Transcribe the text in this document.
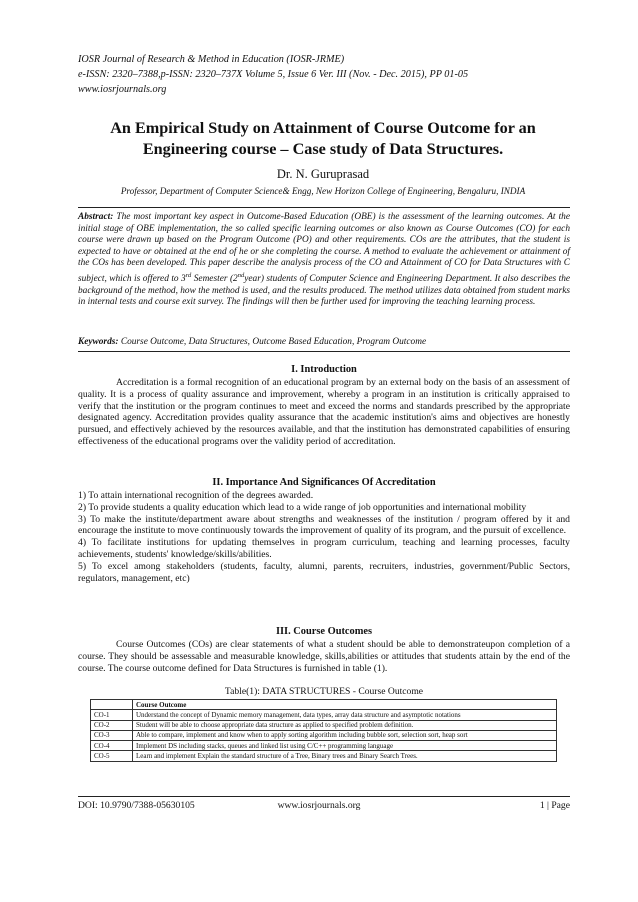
IOSR Journal of Research & Method in Education (IOSR-JRME)
e-ISSN: 2320–7388,p-ISSN: 2320–737X Volume 5, Issue 6 Ver. III (Nov. - Dec. 2015), PP 01-05
www.iosrjournals.org
An Empirical Study on Attainment of Course Outcome for an Engineering course – Case study of Data Structures.
Dr. N. Guruprasad
Professor, Department of Computer Science& Engg, New Horizon College of Engineering, Bengaluru, INDIA
Abstract: The most important key aspect in Outcome-Based Education (OBE) is the assessment of the learning outcomes. At the initial stage of OBE implementation, the so called specific learning outcomes or also known as Course Outcomes (CO) for each course were drawn up based on the Program Outcome (PO) and other requirements. COs are the attributes, that the student is expected to have or obtained at the end of he or she completing the course. A method to evaluate the achievement or attainment of the COs has been developed. This paper describe the analysis process of the CO and Attainment of CO for Data Structures with C subject, which is offered to 3rd Semester (2ndyear) students of Computer Science and Engineering Department. It also describes the background of the method, how the method is used, and the results produced. The method utilizes data obtained from student marks in internal tests and course exit survey. The findings will then be further used for improving the teaching learning process.
Keywords: Course Outcome, Data Structures, Outcome Based Education, Program Outcome
I. Introduction
Accreditation is a formal recognition of an educational program by an external body on the basis of an assessment of quality. It is a process of quality assurance and improvement, whereby a program in an institution is critically appraised to verify that the institution or the program continues to meet and exceed the norms and standards prescribed by the appropriate designated agency. Accreditation provides quality assurance that the academic institution's aims and objectives are honestly pursued, and effectively achieved by the resources available, and that the institution has demonstrated capabilities of ensuring effectiveness of the educational programs over the validity period of accreditation.
II. Importance And Significances Of Accreditation
1) To attain international recognition of the degrees awarded.
2) To provide students a quality education which lead to a wide range of job opportunities and international mobility
3) To make the institute/department aware about strengths and weaknesses of the institution / program offered by it and encourage the institute to move continuously towards the improvement of quality of its program, and the pursuit of excellence.
4) To facilitate institutions for updating themselves in program curriculum, teaching and learning processes, faculty achievements, students' knowledge/skills/abilities.
5) To excel among stakeholders (students, faculty, alumni, parents, recruiters, industries, government/Public Sectors, regulators, management, etc)
III. Course Outcomes
Course Outcomes (COs) are clear statements of what a student should be able to demonstrateupon completion of a course. They should be assessable and measurable knowledge, skills,abilities or attitudes that students attain by the end of the course. The course outcome defined for Data Structures is furnished in table (1).
Table(1): DATA STRUCTURES - Course Outcome
	Course Outcome
CO-1	Understand the concept of Dynamic memory management, data types, array data structure and asymptotic notations
CO-2	Student will be able to choose appropriate data structure as applied to specified problem definition.
CO-3	Able to compare, implement and know when to apply sorting algorithm including bubble sort, selection sort, heap sort
CO-4	Implement DS including stacks, queues and linked list using C/C++ programming language
CO-5	Learn and implement Explain the standard structure of a Tree, Binary trees and Binary Search Trees.
DOI: 10.9790/7388-05630105	www.iosrjournals.org	1 | Page
